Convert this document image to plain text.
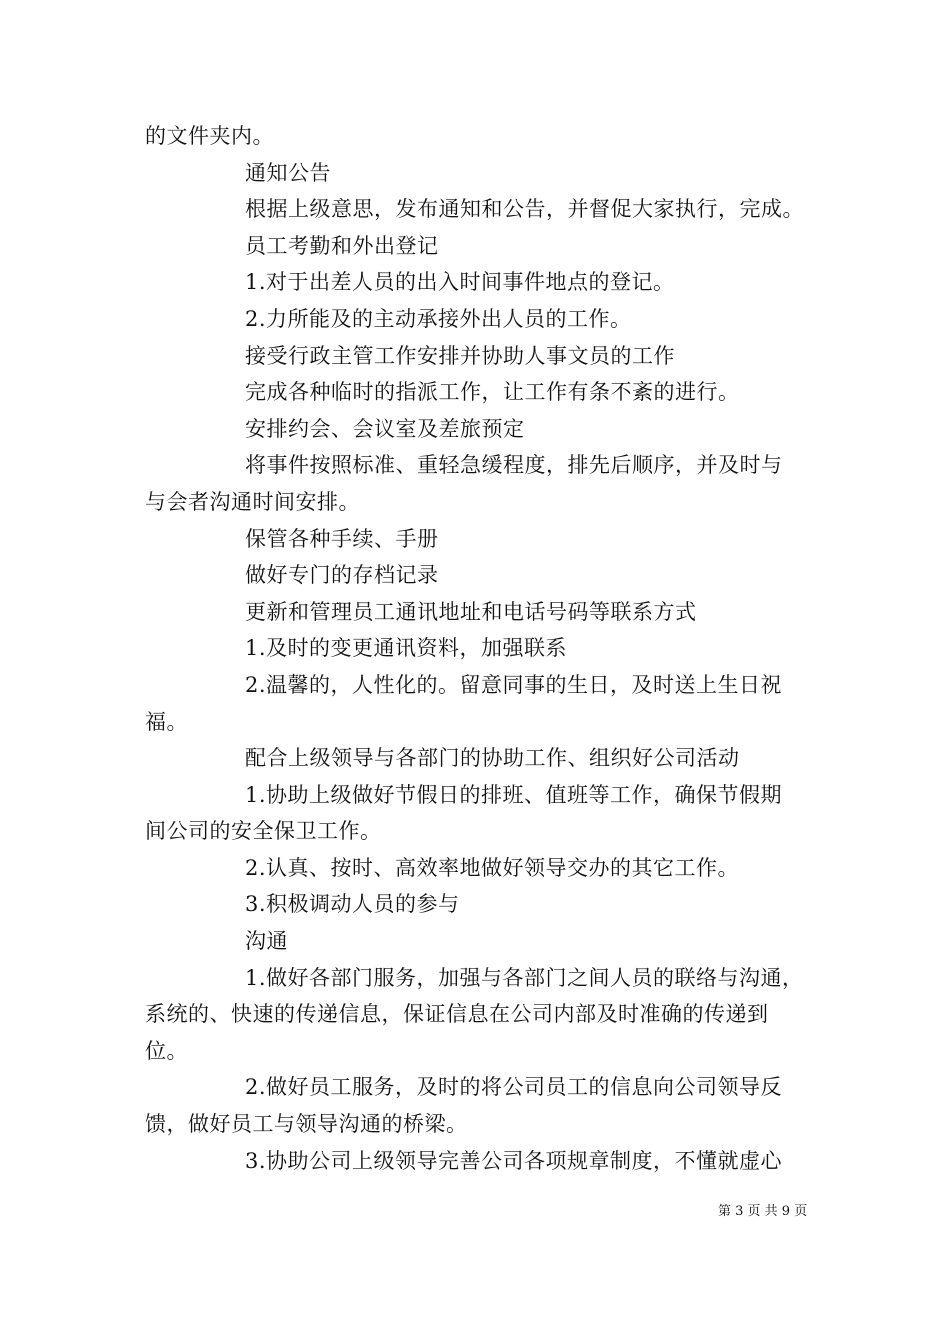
的文件夹内。
通知公告
根据上级意思，发布通知和公告，并督促大家执行，完成。
员工考勤和外出登记
1.对于出差人员的出入时间事件地点的登记。
2.力所能及的主动承接外出人员的工作。
接受行政主管工作安排并协助人事文员的工作
完成各种临时的指派工作，让工作有条不紊的进行。
安排约会、会议室及差旅预定
将事件按照标准、重轻急缓程度，排先后顺序，并及时与
与会者沟通时间安排。
保管各种手续、手册
做好专门的存档记录
更新和管理员工通讯地址和电话号码等联系方式
1.及时的变更通讯资料，加强联系
2.温馨的，人性化的。留意同事的生日，及时送上生日祝
福。
配合上级领导与各部门的协助工作、组织好公司活动
1.协助上级做好节假日的排班、值班等工作，确保节假期
间公司的安全保卫工作。
2.认真、按时、高效率地做好领导交办的其它工作。
3.积极调动人员的参与
沟通
1.做好各部门服务，加强与各部门之间人员的联络与沟通，
系统的、快速的传递信息，保证信息在公司内部及时准确的传递到
位。
2.做好员工服务，及时的将公司员工的信息向公司领导反
馈，做好员工与领导沟通的桥梁。
3.协助公司上级领导完善公司各项规章制度，不懂就虚心
第 3 页 共 9 页
